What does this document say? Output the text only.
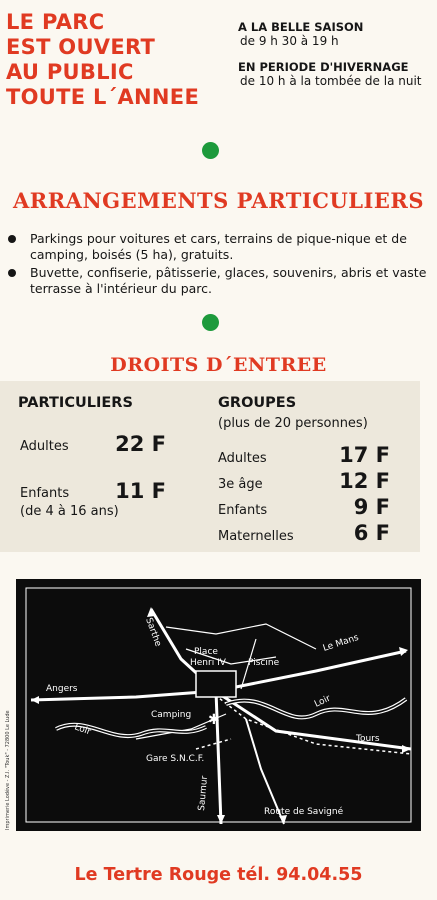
LE PARC
EST OUVERT
AU PUBLIC
TOUTE L´ANNEE
A LA BELLE SAISON
de 9 h 30 à 19 h
EN PERIODE D'HIVERNAGE
de 10 h à la tombée de la nuit
ARRANGEMENTS PARTICULIERS
Parkings pour voitures et cars, terrains de pique-nique et de camping, boisés (5 ha), gratuits.
Buvette, confiserie, pâtisserie, glaces, souvenirs, abris et vaste terrasse à l'intérieur du parc.
DROITS D´ENTREE
PARTICULIERS
Adultes	22 F
Enfants	11 F
(de 4 à 16 ans)
GROUPES
(plus de 20 personnes)
Adultes	17 F
3e âge	12 F
Enfants	9 F
Maternelles	6 F
✱
Sarthe
Place
Henri IV Piscine
Le Mans
Angers
Loir
Loir
Camping
Tours
Gare S.N.C.F.
Saumur
Route de Savigné
Imprimerie Lodéve - Z.I. "Touk" - 72800 Le Lude
Le Tertre Rouge tél. 94.04.55
